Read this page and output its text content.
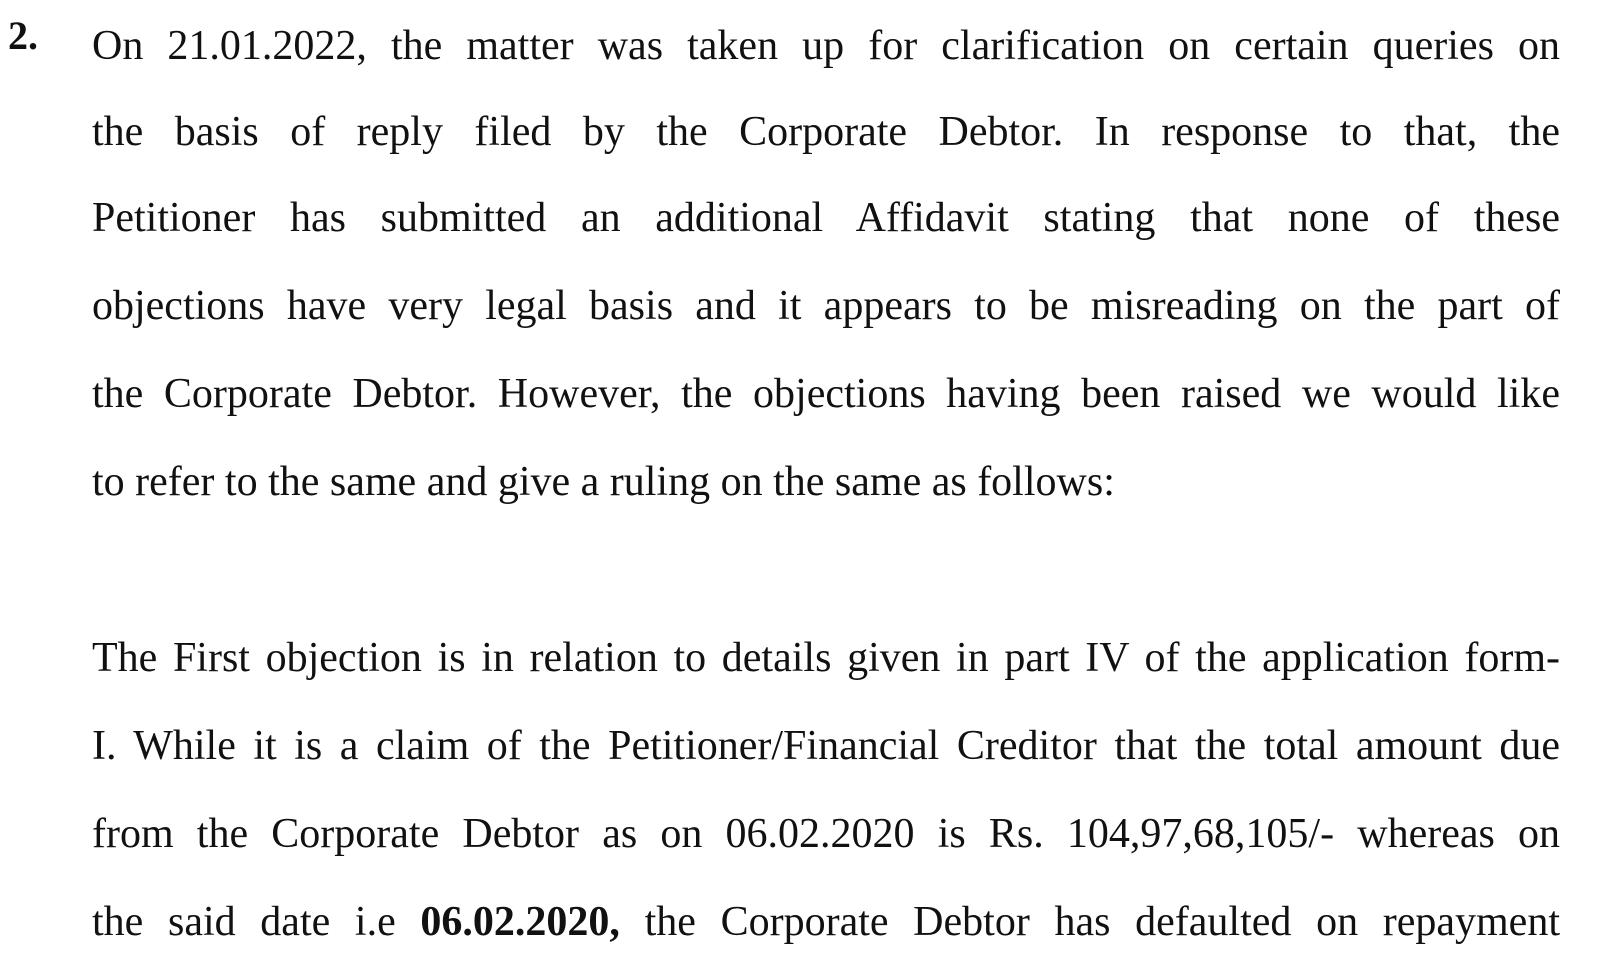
2. On 21.01.2022, the matter was taken up for clarification on certain queries on
the basis of reply filed by the Corporate Debtor. In response to that, the
Petitioner has submitted an additional Affidavit stating that none of these
objections have very legal basis and it appears to be misreading on the part of
the Corporate Debtor. However, the objections having been raised we would like
to refer to the same and give a ruling on the same as follows:
The First objection is in relation to details given in part IV of the application form-
I. While it is a claim of the Petitioner/Financial Creditor that the total amount due
from the Corporate Debtor as on 06.02.2020 is Rs. 104,97,68,105/- whereas on
the said date i.e 06.02.2020, the Corporate Debtor has defaulted on repayment
